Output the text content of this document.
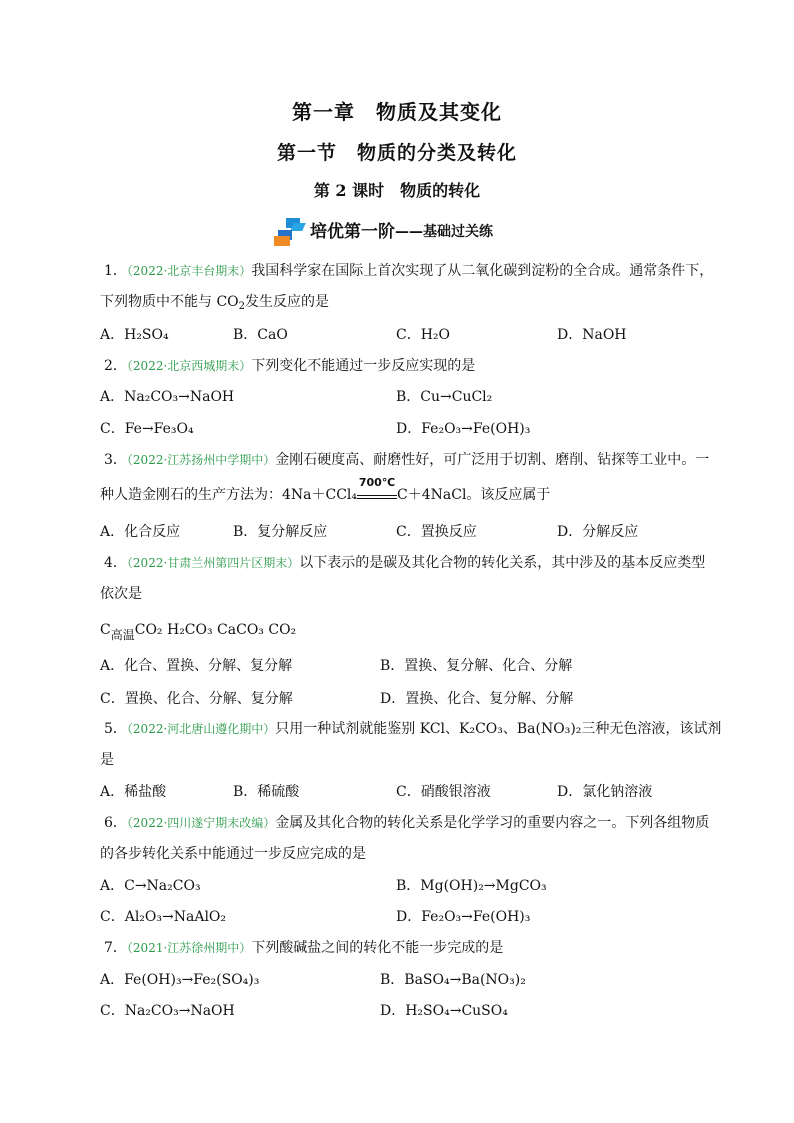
第一章　物质及其变化
第一节　物质的分类及转化
第 2 课时　物质的转化
培优第一阶 ——基础过关练
1．（2022·北京丰台期末）我国科学家在国际上首次实现了从二氧化碳到淀粉的全合成。通常条件下，
下列物质中不能与 $CO_2$发生反应的是
A．H₂SO₄	B．CaO	C．H₂O	D．NaOH
2．（2022·北京西城期末）下列变化不能通过一步反应实现的是
A．Na₂CO₃→NaOH	B．Cu→CuCl₂
C．Fe→Fe₃O₄	D．Fe₂O₃→Fe(OH)₃
3．（2022·江苏扬州中学期中）金刚石硬度高、耐磨性好，可广泛用于切割、磨削、钻探等工业中。一
种人造金刚石的生产方法为：4Na＋CCl₄
700℃
C＋4NaCl。该反应属于
A．化合反应	B．复分解反应	C．置换反应	D．分解反应
4．（2022·甘肃兰州第四片区期末）以下表示的是碳及其化合物的转化关系，其中涉及的基本反应类型
依次是
C高温CO₂ H₂CO₃ CaCO₃ CO₂
A．化合、置换、分解、复分解	B．置换、复分解、化合、分解
C．置换、化合、分解、复分解	D．置换、化合、复分解、分解
5．（2022·河北唐山遵化期中）只用一种试剂就能鉴别 KCl、K₂CO₃、Ba(NO₃)₂三种无色溶液，该试剂
是
A．稀盐酸	B．稀硫酸	C．硝酸银溶液	D．氯化钠溶液
6．（2022·四川遂宁期末改编）金属及其化合物的转化关系是化学学习的重要内容之一。下列各组物质
的各步转化关系中能通过一步反应完成的是
A．C→Na₂CO₃	B．Mg(OH)₂→MgCO₃
C．Al₂O₃→NaAlO₂	D．Fe₂O₃→Fe(OH)₃
7．（2021·江苏徐州期中）下列酸碱盐之间的转化不能一步完成的是
A．Fe(OH)₃→Fe₂(SO₄)₃	B．BaSO₄→Ba(NO₃)₂
C．Na₂CO₃→NaOH	D．H₂SO₄→CuSO₄
